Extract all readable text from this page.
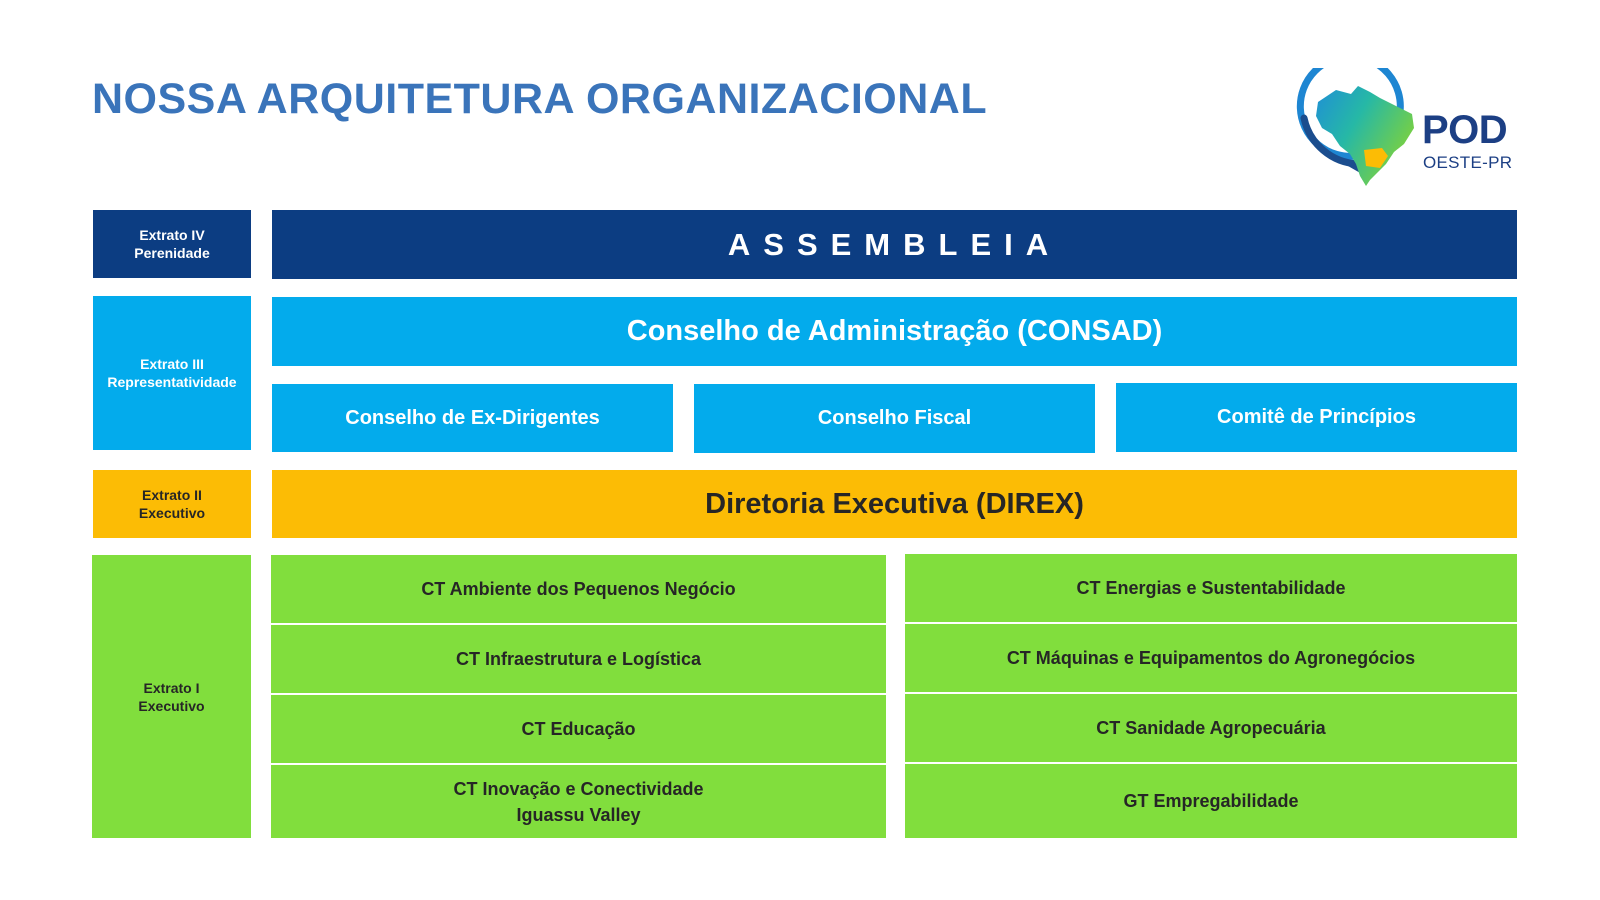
NOSSA ARQUITETURA ORGANIZACIONAL
POD
OESTE-PR
Extrato IV
Perenidade
Extrato III
Representatividade
Extrato II
Executivo
Extrato I
Executivo
ASSEMBLEIA
Conselho de Administração (CONSAD)
Conselho de Ex-Dirigentes	Conselho Fiscal	Comitê de Princípios
Diretoria Executiva (DIREX)
CT Ambiente dos Pequenos Negócio
CT Infraestrutura e Logística
CT Educação
CT Inovação e Conectividade
Iguassu Valley
CT Energias e Sustentabilidade
CT Máquinas e Equipamentos do Agronegócios
CT Sanidade Agropecuária
GT Empregabilidade
